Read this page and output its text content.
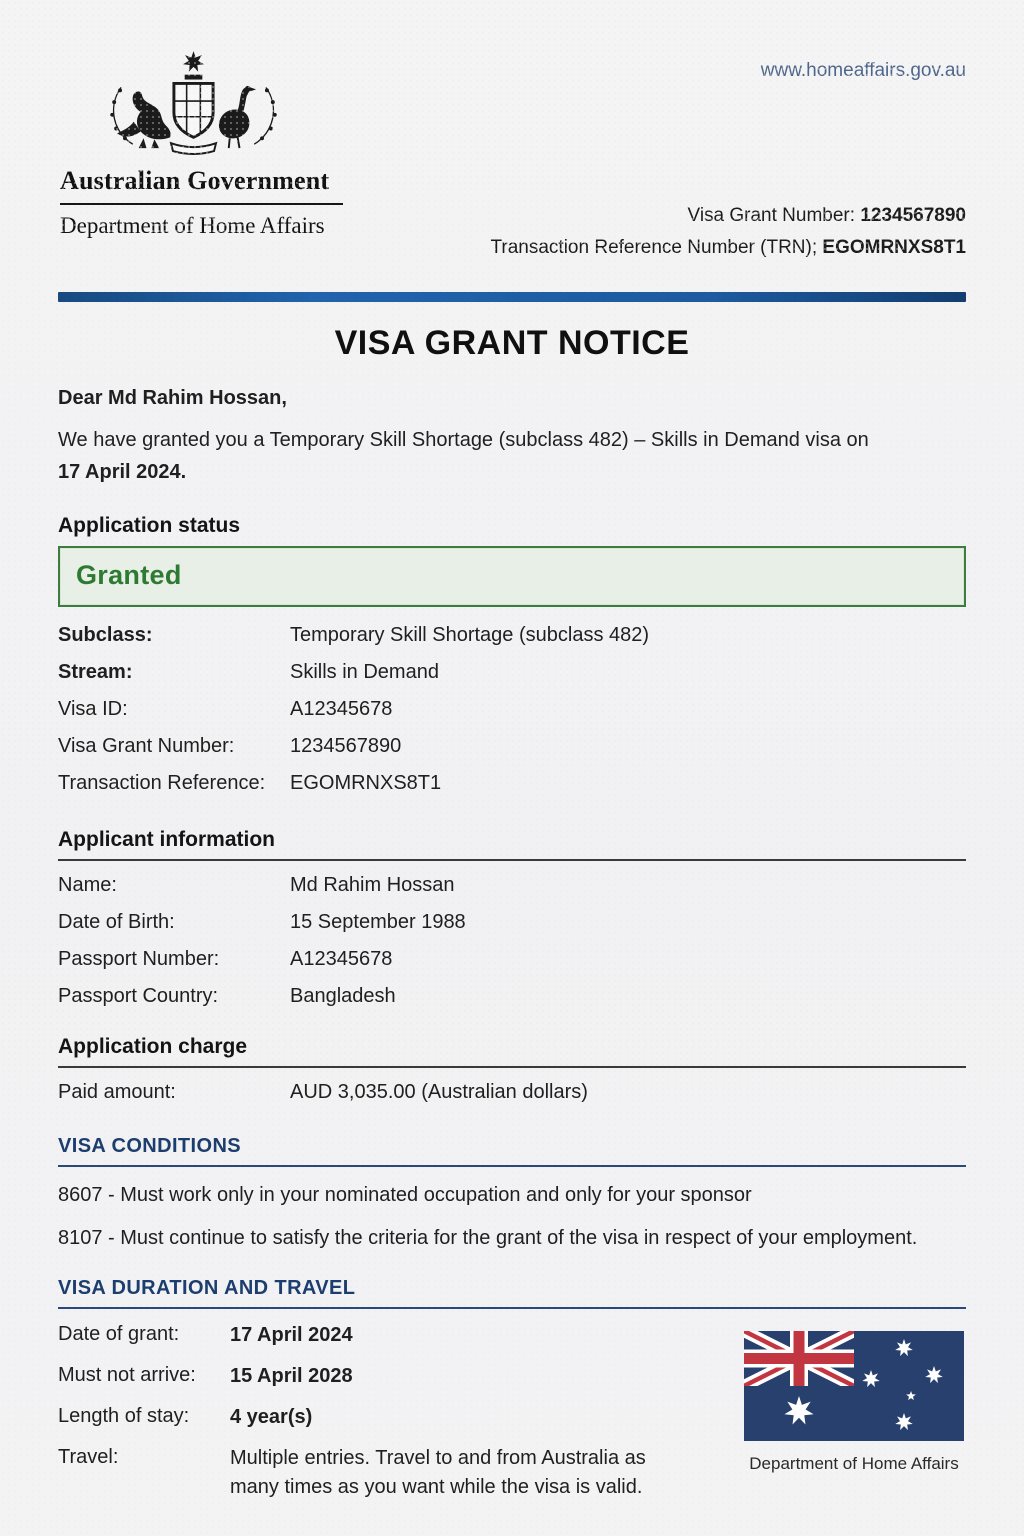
Australian Government
Department of Home Affairs
www.homeaffairs.gov.au
Visa Grant Number: 1234567890
Transaction Reference Number (TRN); EGOMRNXS8T1
VISA GRANT NOTICE
Dear Md Rahim Hossan,
We have granted you a Temporary Skill Shortage (subclass 482) – Skills in Demand visa on
17 April 2024.
Application status
Granted
Subclass:	Temporary Skill Shortage (subclass 482)
Stream:	Skills in Demand
Visa ID:	A12345678
Visa Grant Number:	1234567890
Transaction Reference:	EGOMRNXS8T1
Applicant information
Name:	Md Rahim Hossan
Date of Birth:	15 September 1988
Passport Number:	A12345678
Passport Country:	Bangladesh
Application charge
Paid amount:	AUD 3,035.00 (Australian dollars)
VISA CONDITIONS
8607 - Must work only in your nominated occupation and only for your sponsor
8107 - Must continue to satisfy the criteria for the grant of the visa in respect of your employment.
VISA DURATION AND TRAVEL
Date of grant:	17 April 2024
Must not arrive:	15 April 2028
Length of stay:	4 year(s)
Travel:	Multiple entries. Travel to and from Australia as many times as you want while the visa is valid.
Department of Home Affairs
